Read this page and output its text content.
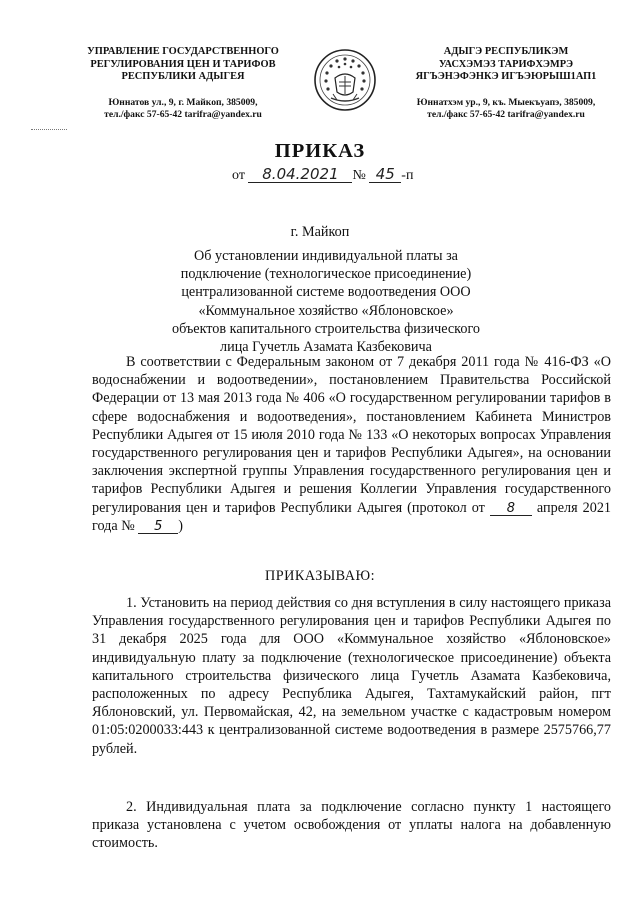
УПРАВЛЕНИЕ ГОСУДАРСТВЕННОГО
РЕГУЛИРОВАНИЯ ЦЕН И ТАРИФОВ
РЕСПУБЛИКИ АДЫГЕЯ
Юннатов ул., 9, г. Майкоп, 385009,
тел./факс 57-65-42 tarifra@yandex.ru
АДЫГЭ РЕСПУБЛИКЭМ
УАСХЭМЭЗ ТАРИФХЭМРЭ
ЯГЪЭНЭФЭНКЭ ИГЪЭЮРЫШ1АП1
Юннатхэм ур., 9, къ. Мыекъуапэ, 385009,
тел./факс 57-65-42 tarifra@yandex.ru
ПРИКАЗ
от 8.04.2021 № 45 -п
г. Майкоп
Об установлении индивидуальной платы за подключение (технологическое присоединение) централизованной системе водоотведения ООО «Коммунальное хозяйство «Яблоновское» объектов капитального строительства физического лица Гучетль Азамата Казбековича

В соответствии с Федеральным законом от 7 декабря 2011 года № 416-ФЗ «О водоснабжении и водоотведении», постановлением Правительства Российской Федерации от 13 мая 2013 года № 406 «О государственном регулировании тарифов в сфере водоснабжения и водоотведения», постановлением Кабинета Министров Республики Адыгея от 15 июля 2010 года № 133 «О некоторых вопросах Управления государственного регулирования цен и тарифов Республики Адыгея», на основании заключения экспертной группы Управления государственного регулирования цен и тарифов Республики Адыгея и решения Коллегии Управления государственного регулирования цен и тарифов Республики Адыгея (протокол от 8 апреля 2021 года № 5 )

ПРИКАЗЫВАЮ:

1. Установить на период действия со дня вступления в силу настоящего приказа Управления государственного регулирования цен и тарифов Республики Адыгея по 31 декабря 2025 года для ООО «Коммунальное хозяйство «Яблоновское» индивидуальную плату за подключение (технологическое присоединение) объекта капитального строительства физического лица Гучетль Азамата Казбековича, расположенных по адресу Республика Адыгея, Тахтамукайский район, пгт Яблоновский, ул. Первомайская, 42, на земельном участке с кадастровым номером 01:05:0200033:443 к централизованной системе водоотведения в размере 2575766,77 рублей.

2. Индивидуальная плата за подключение согласно пункту 1 настоящего приказа установлена с учетом освобождения от уплаты налога на добавленную стоимость.
